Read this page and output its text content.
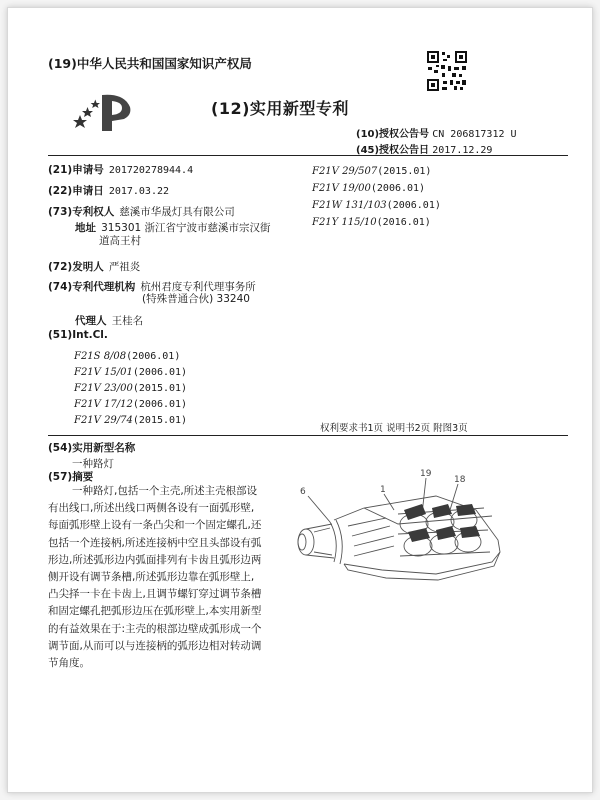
(19)中华人民共和国国家知识产权局
(12)实用新型专利
(10)授权公告号 CN 206817312 U
(45)授权公告日 2017.12.29
(21)申请号 201720278944.4
(22)申请日 2017.03.22
(73)专利权人 慈溪市华晟灯具有限公司
地址 315301 浙江省宁波市慈溪市宗汉街
道高王村
(72)发明人 严祖炎
(74)专利代理机构 杭州君度专利代理事务所
(特殊普通合伙) 33240
代理人 王桂名
(51)Int.Cl.
F21S 8/08(2006.01)
F21V 15/01(2006.01)
F21V 23/00(2015.01)
F21V 17/12(2006.01)
F21V 29/74(2015.01)
F21V 29/507(2015.01)
F21V 19/00(2006.01)
F21W 131/103(2006.01)
F21Y 115/10(2016.01)
权利要求书1页 说明书2页 附图3页
(54)实用新型名称
一种路灯
(57)摘要
一种路灯,包括一个主壳,所述主壳根部设
有出线口,所述出线口两侧各设有一面弧形壁,
每面弧形壁上设有一条凸尖和一个固定螺孔,还
包括一个连接柄,所述连接柄中空且头部设有弧
形边,所述弧形边内弧面排列有卡齿且弧形边两
侧开设有调节条槽,所述弧形边靠在弧形壁上,
凸尖择一卡在卡齿上,且调节螺钉穿过调节条槽
和固定螺孔把弧形边压在弧形壁上,本实用新型
的有益效果在于:主壳的根部边壁成弧形成一个
调节面,从而可以与连接柄的弧形边相对转动调
节角度。
6	1
19
18
